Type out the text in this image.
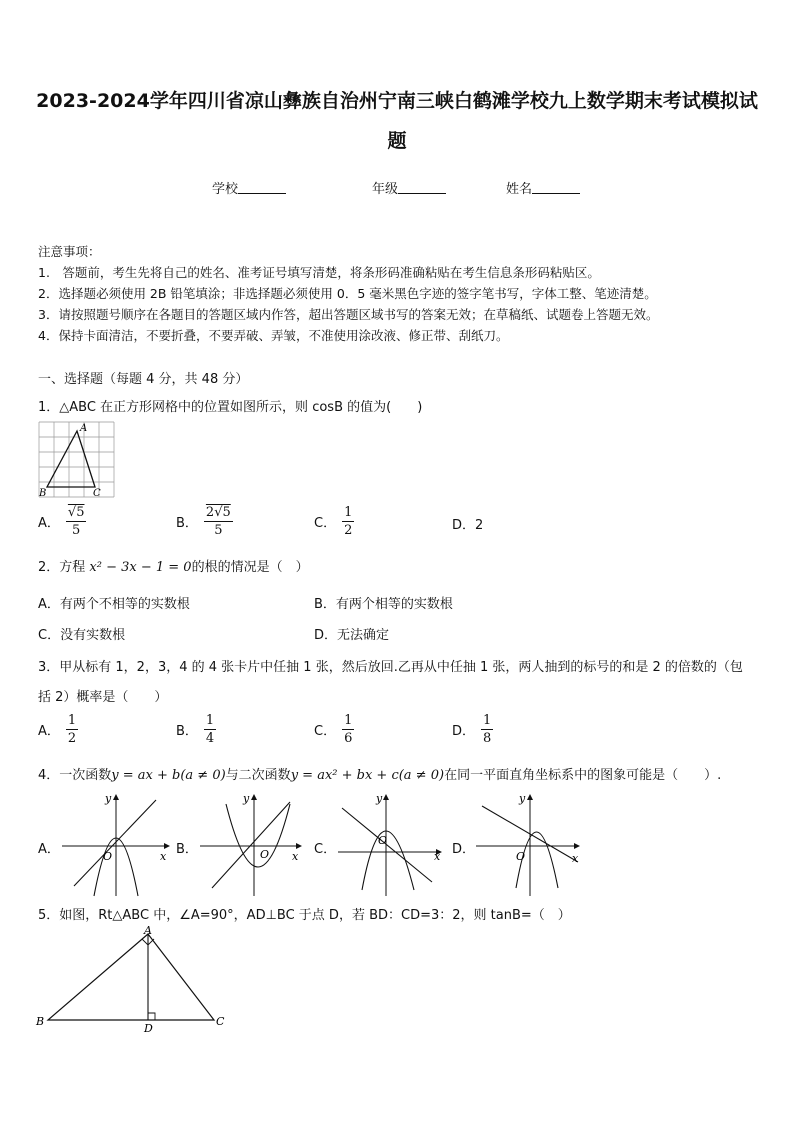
2023-2024学年四川省凉山彝族自治州宁南三峡白鹤滩学校九上数学期末考试模拟试
题
学校	年级	姓名
注意事项：
1.　答题前，考生先将自己的姓名、准考证号填写清楚，将条形码准确粘贴在考生信息条形码粘贴区。
2．选择题必须使用 2B 铅笔填涂；非选择题必须使用 0．5 毫米黑色字迹的签字笔书写，字体工整、笔迹清楚。
3．请按照题号顺序在各题目的答题区域内作答，超出答题区域书写的答案无效；在草稿纸、试题卷上答题无效。
4．保持卡面清洁，不要折叠，不要弄破、弄皱，不准使用涂改液、修正带、刮纸刀。
一、选择题（每题 4 分，共 48 分）
1．△ABC 在正方形网格中的位置如图所示，则 cosB 的值为(　　)
A
B	C
A． $\frac{√5}{5}$	B． $\frac{2√5}{5}$	C． $\frac{1}{2}$	D．2
2．方程 x² − 3x − 1 = 0的根的情况是（　）
A．有两个不相等的实数根	B．有两个相等的实数根
C．没有实数根	D．无法确定
3．甲从标有 1，2，3，4 的 4 张卡片中任抽 1 张，然后放回.乙再从中任抽 1 张，两人抽到的标号的和是 2 的倍数的（包
括 2）概率是（　　）
A． $\frac{1}{2}$	B． $\frac{1}{4}$	C． $\frac{1}{6}$	D． $\frac{1}{8}$
4．一次函数y = ax + b(a ≠ 0)与二次函数y = ax² + bx + c(a ≠ 0)在同一平面直角坐标系中的图象可能是（　　）.
A．	x
y
O	B．	x
y
O	C．	x
y
O
D．
x
y
O
5．如图，Rt△ABC 中，∠A=90°，AD⊥BC 于点 D，若 BD：CD=3：2，则 tanB=（　）
A
B	C
D
